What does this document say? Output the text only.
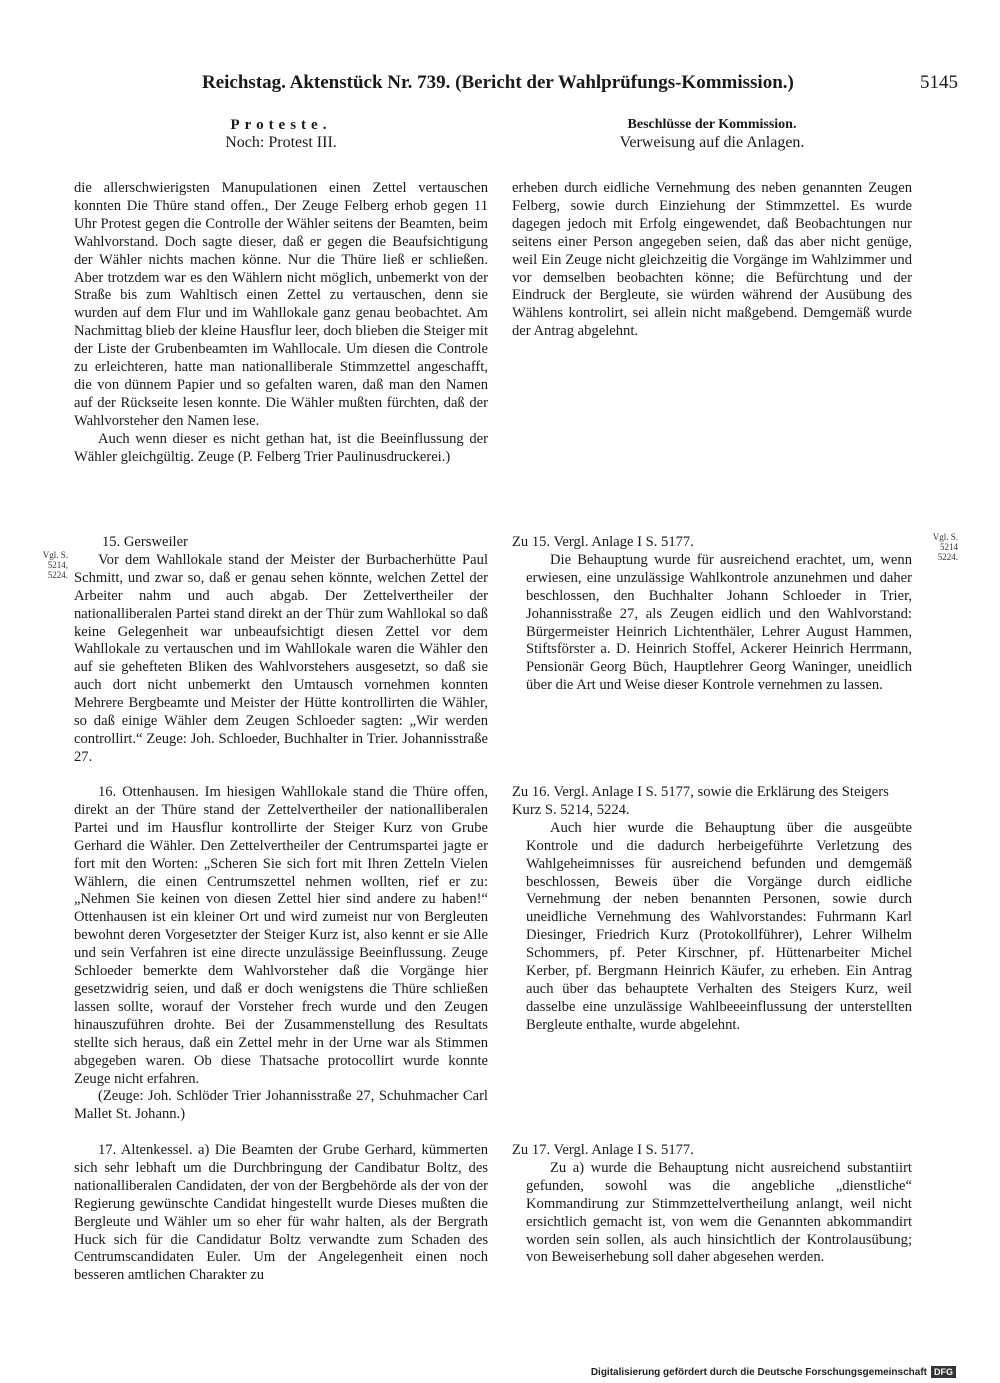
Reichstag. Aktenstück Nr. 739. (Bericht der Wahlprüfungs-Kommission.)	5145
Proteste.
Noch: Protest III.
Beschlüsse der Kommission.
Verweisung auf die Anlagen.

die allerschwierigsten Manupulationen einen Zettel vertauschen konnten Die Thüre stand offen., Der Zeuge Felberg erhob gegen 11 Uhr Protest gegen die Controlle der Wähler seitens der Beamten, beim Wahlvorstand. Doch sagte dieser, daß er gegen die Beaufsichtigung der Wähler nichts machen könne. Nur die Thüre ließ er schließen. Aber trotzdem war es den Wählern nicht möglich, unbemerkt von der Straße bis zum Wahltisch einen Zettel zu vertauschen, denn sie wurden auf dem Flur und im Wahllokale ganz genau beobachtet. Am Nachmittag blieb der kleine Hausflur leer, doch blieben die Steiger mit der Liste der Grubenbeamten im Wahllocale. Um diesen die Controle zu erleichteren, hatte man nationalliberale Stimmzettel angeschafft, die von dünnem Papier und so gefalten waren, daß man den Namen auf der Rückseite lesen konnte. Die Wähler mußten fürchten, daß der Wahlvorsteher den Namen lese.

Auch wenn dieser es nicht gethan hat, ist die Beeinflussung der Wähler gleichgültig. Zeuge (P. Felberg Trier Paulinusdruckerei.)

15. Gersweiler

Vor dem Wahllokale stand der Meister der Burbacherhütte Paul Schmitt, und zwar so, daß er genau sehen könnte, welchen Zettel der Arbeiter nahm und auch abgab. Der Zettelvertheiler der nationalliberalen Partei stand direkt an der Thür zum Wahllokal so daß keine Gelegenheit war unbeaufsichtigt diesen Zettel vor dem Wahllokale zu vertauschen und im Wahllokale waren die Wähler den auf sie gehefteten Bliken des Wahlvorstehers ausgesetzt, so daß sie auch dort nicht unbemerkt den Umtausch vornehmen konnten Mehrere Bergbeamte und Meister der Hütte kontrollirten die Wähler, so daß einige Wähler dem Zeugen Schloeder sagten: „Wir werden controllirt.“ Zeuge: Joh. Schloeder, Buchhalter in Trier. Johannisstraße 27.

16. Ottenhausen. Im hiesigen Wahllokale stand die Thüre offen, direkt an der Thüre stand der Zettelvertheiler der nationalliberalen Partei und im Hausflur kontrollirte der Steiger Kurz von Grube Gerhard die Wähler. Den Zettelvertheiler der Centrumspartei jagte er fort mit den Worten: „Scheren Sie sich fort mit Ihren Zetteln Vielen Wählern, die einen Centrumszettel nehmen wollten, rief er zu: „Nehmen Sie keinen von diesen Zettel hier sind andere zu haben!“ Ottenhausen ist ein kleiner Ort und wird zumeist nur von Bergleuten bewohnt deren Vorgesetzter der Steiger Kurz ist, also kennt er sie Alle und sein Verfahren ist eine directe unzulässige Beeinflussung. Zeuge Schloeder bemerkte dem Wahlvorsteher daß die Vorgänge hier gesetzwidrig seien, und daß er doch wenigstens die Thüre schließen lassen sollte, worauf der Vorsteher frech wurde und den Zeugen hinauszuführen drohte. Bei der Zusammenstellung des Resultats stellte sich heraus, daß ein Zettel mehr in der Urne war als Stimmen abgegeben waren. Ob diese Thatsache protocollirt wurde konnte Zeuge nicht erfahren.

(Zeuge: Joh. Schlöder Trier Johannisstraße 27, Schuhmacher Carl Mallet St. Johann.)

17. Altenkessel. a) Die Beamten der Grube Gerhard, kümmerten sich sehr lebhaft um die Durchbringung der Candibatur Boltz, des nationalliberalen Candidaten, der von der Bergbehörde als der von der Regierung gewünschte Candidat hingestellt wurde Dieses mußten die Bergleute und Wähler um so eher für wahr halten, als der Bergrath Huck sich für die Candidatur Boltz verwandte zum Schaden des Centrumscandidaten Euler. Um der Angelegenheit einen noch besseren amtlichen Charakter zu

Vgl. S. 5214, 5224.
Vgl. S. 5214 5224.

erheben durch eidliche Vernehmung des neben genannten Zeugen Felberg, sowie durch Einziehung der Stimmzettel. Es wurde dagegen jedoch mit Erfolg eingewendet, daß Beobachtungen nur seitens einer Person angegeben seien, daß das aber nicht genüge, weil Ein Zeuge nicht gleichzeitig die Vorgänge im Wahlzimmer und vor demselben beobachten könne; die Befürchtung und der Eindruck der Bergleute, sie würden während der Ausübung des Wählens kontrolirt, sei allein nicht maßgebend. Demgemäß wurde der Antrag abgelehnt.

Zu 15. Vergl. Anlage I S. 5177.

Die Behauptung wurde für ausreichend erachtet, um, wenn erwiesen, eine unzulässige Wahlkontrole anzunehmen und daher beschlossen, den Buchhalter Johann Schloeder in Trier, Johannisstraße 27, als Zeugen eidlich und den Wahlvorstand: Bürgermeister Heinrich Lichtenthäler, Lehrer August Hammen, Stiftsförster a. D. Heinrich Stoffel, Ackerer Heinrich Herrmann, Pensionär Georg Büch, Hauptlehrer Georg Waninger, uneidlich über die Art und Weise dieser Kontrole vernehmen zu lassen.

Zu 16. Vergl. Anlage I S. 5177, sowie die Erklärung des Steigers Kurz S. 5214, 5224.

Auch hier wurde die Behauptung über die ausgeübte Kontrole und die dadurch herbeigeführte Verletzung des Wahlgeheimnisses für ausreichend befunden und demgemäß beschlossen, Beweis über die Vorgänge durch eidliche Vernehmung der neben benannten Personen, sowie durch uneidliche Vernehmung des Wahlvorstandes: Fuhrmann Karl Diesinger, Friedrich Kurz (Protokollführer), Lehrer Wilhelm Schommers, pf. Peter Kirschner, pf. Hüttenarbeiter Michel Kerber, pf. Bergmann Heinrich Käufer, zu erheben. Ein Antrag auch über das behauptete Verhalten des Steigers Kurz, weil dasselbe eine unzulässige Wahlbeeeinflussung der unterstellten Bergleute enthalte, wurde abgelehnt.

Zu 17. Vergl. Anlage I S. 5177.

Zu a) wurde die Behauptung nicht ausreichend substantiirt gefunden, sowohl was die angebliche „dienstliche“ Kommandirung zur Stimmzettelvertheilung anlangt, weil nicht ersichtlich gemacht ist, von wem die Genannten abkommandirt worden sein sollen, als auch hinsichtlich der Kontrolausübung; von Beweiserhebung soll daher abgesehen werden.

Digitalisierung gefördert durch die Deutsche Forschungsgemeinschaft DFG
